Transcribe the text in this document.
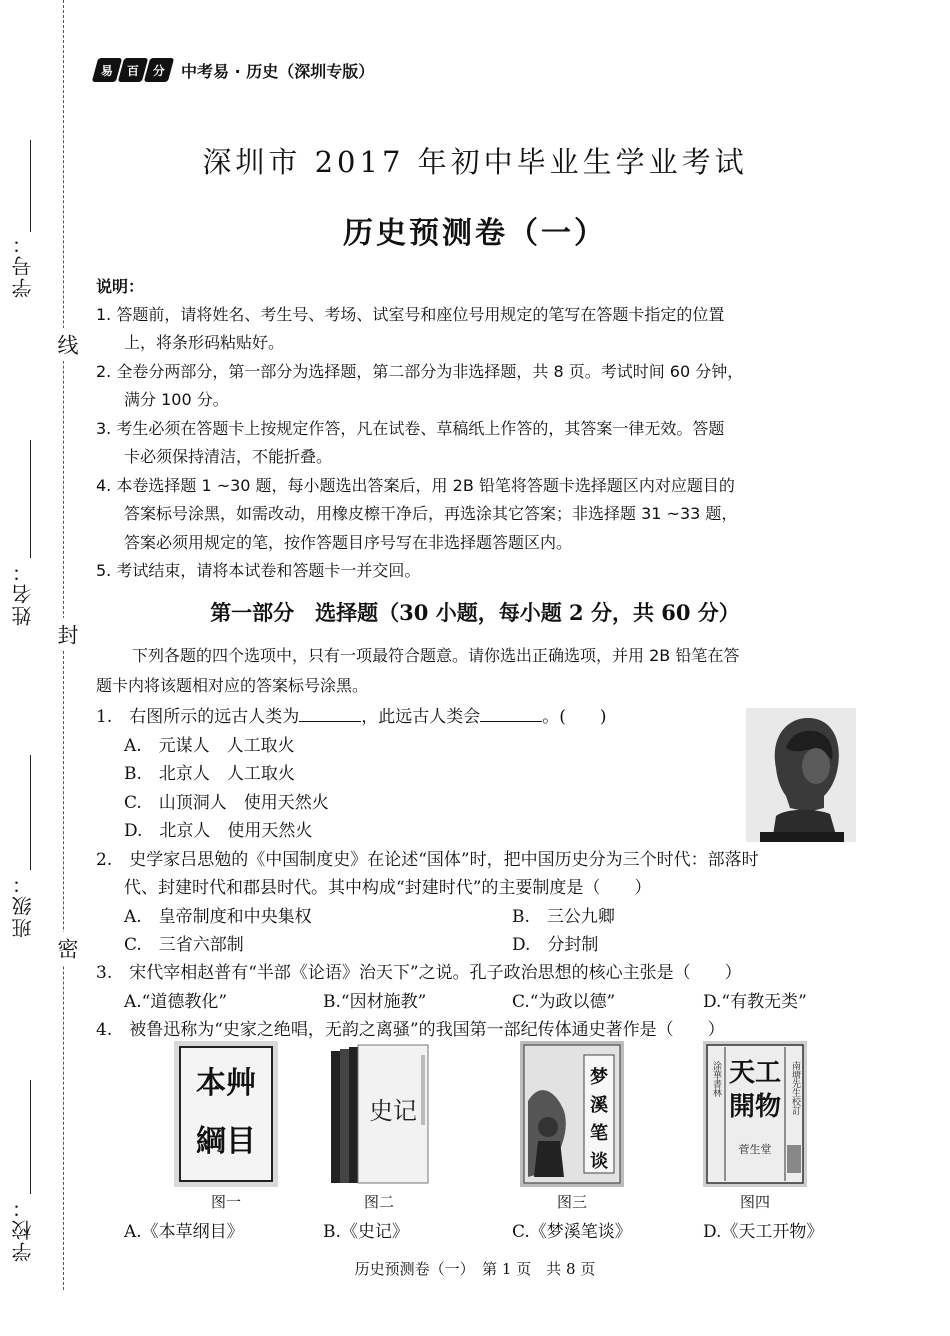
学号：
姓名：
班级：
学校：
线
封
密
易 百 分 中考易 · 历史（深圳专版）
深圳市 2017 年初中毕业生学业考试
历史预测卷（一）
说明：
1. 答题前，请将姓名、考生号、考场、试室号和座位号用规定的笔写在答题卡指定的位置
上，将条形码粘贴好。
2. 全卷分两部分，第一部分为选择题，第二部分为非选择题，共 8 页。考试时间 60 分钟，
满分 100 分。
3. 考生必须在答题卡上按规定作答，凡在试卷、草稿纸上作答的，其答案一律无效。答题
卡必须保持清洁，不能折叠。
4. 本卷选择题 1 ~30 题，每小题选出答案后，用 2B 铅笔将答题卡选择题区内对应题目的
答案标号涂黑，如需改动，用橡皮檫干净后，再选涂其它答案；非选择题 31 ~33 题，
答案必须用规定的笔，按作答题目序号写在非选择题答题区内。
5. 考试结束，请将本试卷和答题卡一并交回。
第一部分　选择题（30 小题，每小题 2 分，共 60 分）
下列各题的四个选项中，只有一项最符合题意。请你选出正确选项，并用 2B 铅笔在答
题卡内将该题相对应的答案标号涂黑。
1.　右图所示的远古人类为	，此远古人类会	。(　　)
A.　元谋人　人工取火
B.　北京人　人工取火
C.　山顶洞人　使用天然火
D.　北京人　使用天然火
2.　史学家吕思勉的《中国制度史》在论述“国体”时，把中国历史分为三个时代：部落时
代、封建时代和郡县时代。其中构成“封建时代”的主要制度是（　　）
A.　皇帝制度和中央集权	B.　三公九卿
C.　三省六部制	D.　分封制
3.　宋代宰相赵普有“半部《论语》治天下”之说。孔子政治思想的核心主张是（　　）
A.“道德教化”	B.“因材施教”	C.“为政以德”	D.“有教无类”
4.　被鲁迅称为“史家之绝唱，无韵之离骚”的我国第一部纪传体通史著作是（　　）
本艸
綱目
图一
史记
图二
梦
溪
笔
谈
图三
天工
開物
菅生堂
涂華書林	南塘先生校訂
图四
A.《本草纲目》	B.《史记》	C.《梦溪笔谈》	D.《天工开物》
历史预测卷（一）　第 1 页　共 8 页
